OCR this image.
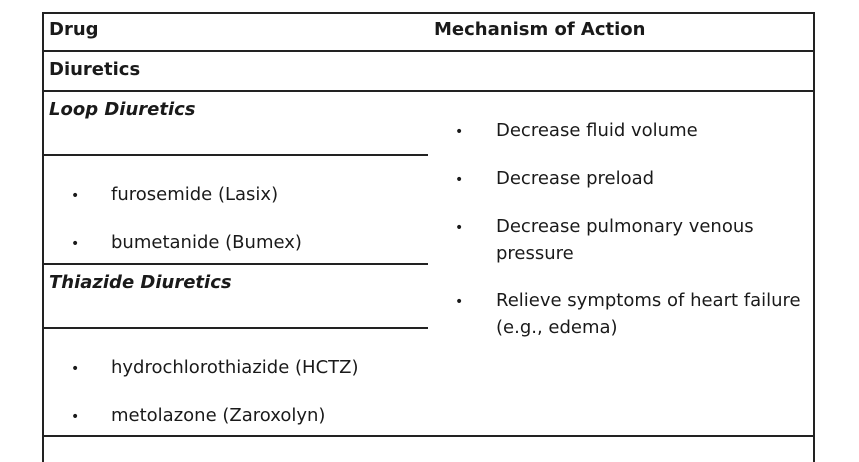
Drug	Mechanism of Action
Diuretics
Loop Diuretics
• furosemide (Lasix)
• bumetanide (Bumex)
Thiazide Diuretics
• hydrochlorothiazide (HCTZ)
• metolazone (Zaroxolyn)
• Decrease fluid volume
• Decrease preload
• Decrease pulmonary venous
pressure
• Relieve symptoms of heart failure
(e.g., edema)
